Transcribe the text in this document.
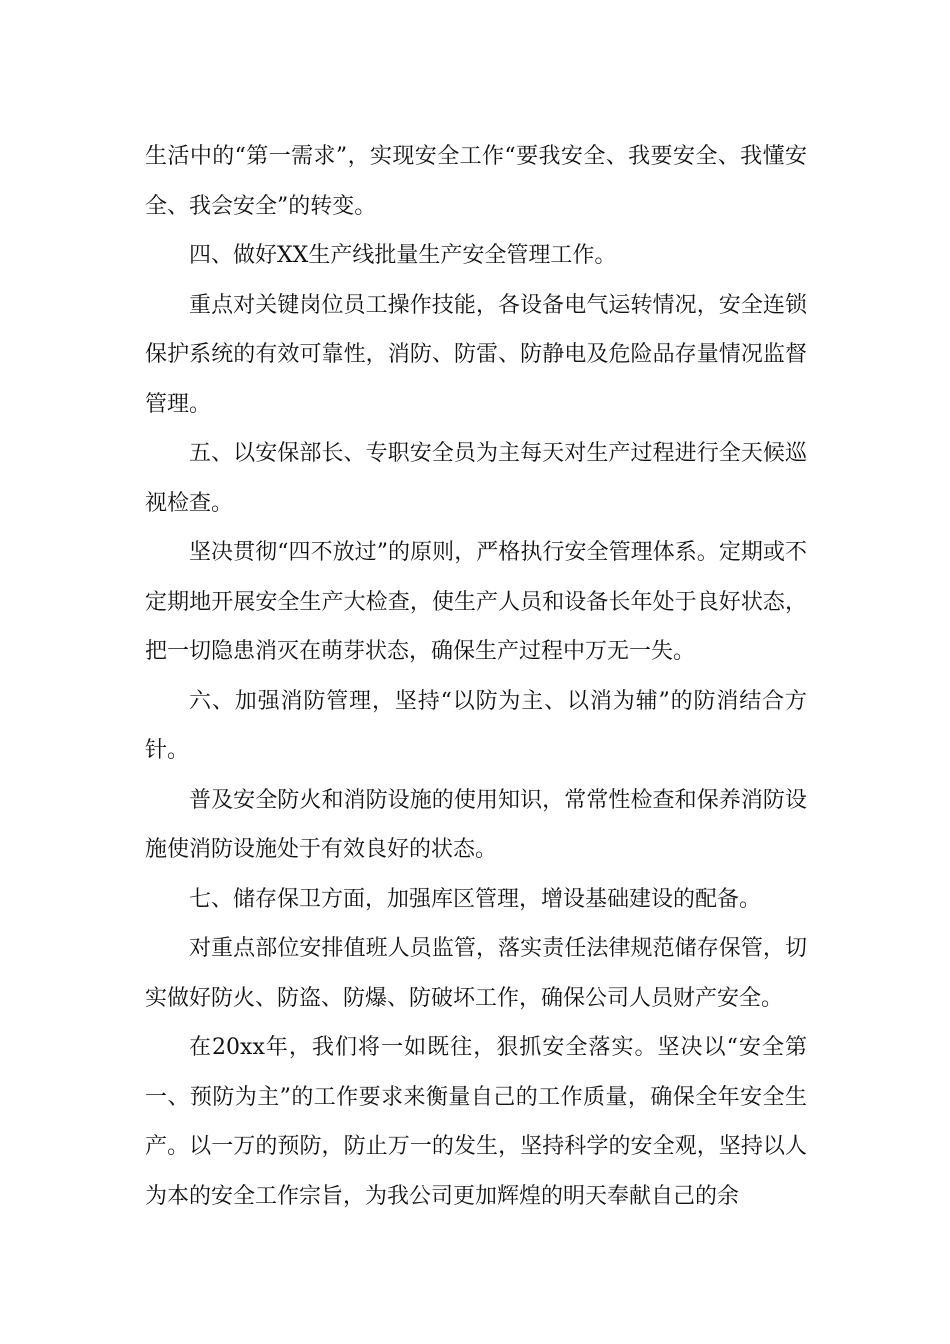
生活中的“第一需求”，实现安全工作“要我安全、我要安全、我懂安全、我会安全”的转变。

四、做好XX生产线批量生产安全管理工作。

重点对关键岗位员工操作技能，各设备电气运转情况，安全连锁保护系统的有效可靠性，消防、防雷、防静电及危险品存量情况监督管理。

五、以安保部长、专职安全员为主每天对生产过程进行全天候巡视检查。

坚决贯彻“四不放过”的原则，严格执行安全管理体系。定期或不定期地开展安全生产大检查，使生产人员和设备长年处于良好状态，把一切隐患消灭在萌芽状态，确保生产过程中万无一失。

六、加强消防管理，坚持“以防为主、以消为辅”的防消结合方针。

普及安全防火和消防设施的使用知识，常常性检查和保养消防设施使消防设施处于有效良好的状态。

七、储存保卫方面，加强库区管理，增设基础建设的配备。

对重点部位安排值班人员监管，落实责任法律规范储存保管，切实做好防火、防盗、防爆、防破坏工作，确保公司人员财产安全。

在20xx年，我们将一如既往，狠抓安全落实。坚决以“安全第一、预防为主”的工作要求来衡量自己的工作质量，确保全年安全生产。以一万的预防，防止万一的发生，坚持科学的安全观，坚持以人为本的安全工作宗旨，为我公司更加辉煌的明天奉献自己的余
